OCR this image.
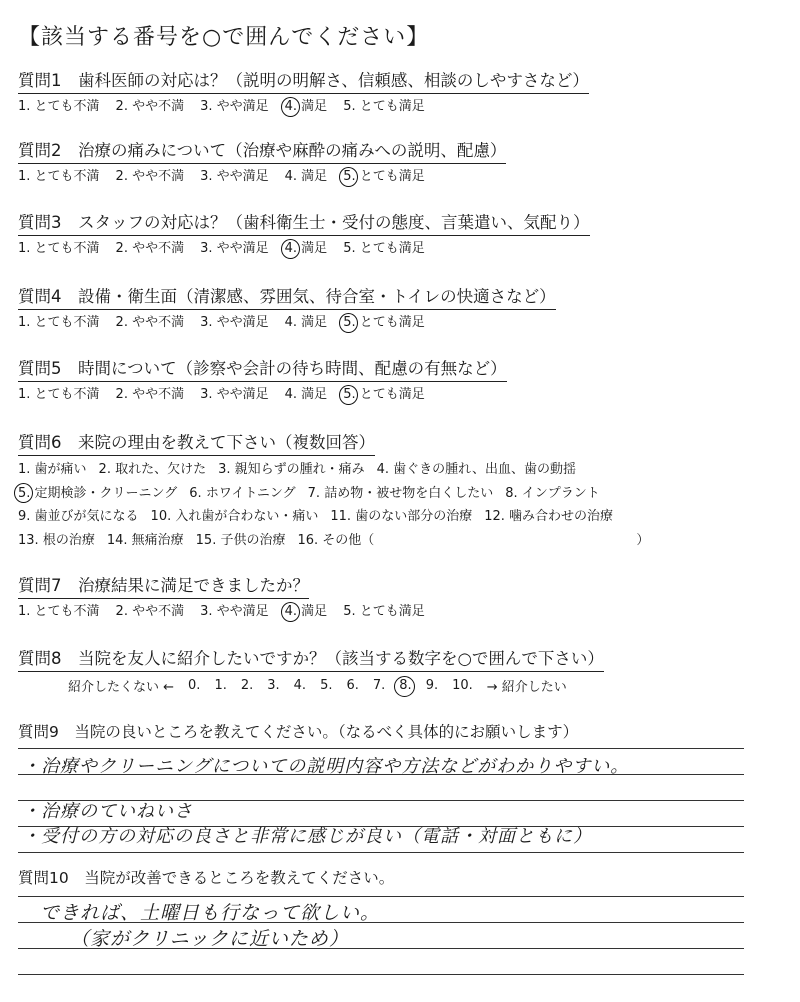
【該当する番号を○で囲んでください】
質問1　歯科医師の対応は？（説明の明解さ、信頼感、相談のしやすさなど）
1. とても不満 2. やや不満 3. やや満足 4. 満足 5. とても満足
質問2　治療の痛みについて（治療や麻酔の痛みへの説明、配慮）
1. とても不満 2. やや不満 3. やや満足 4. 満足 5. とても満足
質問3　スタッフの対応は？（歯科衛生士・受付の態度、言葉遣い、気配り）
1. とても不満 2. やや不満 3. やや満足 4. 満足 5. とても満足
質問4　設備・衛生面（清潔感、雰囲気、待合室・トイレの快適さなど）
1. とても不満 2. やや不満 3. やや満足 4. 満足 5. とても満足
質問5　時間について（診察や会計の待ち時間、配慮の有無など）
1. とても不満 2. やや不満 3. やや満足 4. 満足 5. とても満足
質問6　来院の理由を教えて下さい（複数回答）
1. 歯が痛い 2. 取れた、欠けた 3. 親知らずの腫れ・痛み 4. 歯ぐきの腫れ、出血、歯の動揺
5. 定期検診・クリーニング 6. ホワイトニング 7. 詰め物・被せ物を白くしたい 8. インプラント
9. 歯並びが気になる 10. 入れ歯が合わない・痛い 11. 歯のない部分の治療 12. 噛み合わせの治療
13. 根の治療 14. 無痛治療 15. 子供の治療 16. その他（	）
質問7　治療結果に満足できましたか？
1. とても不満 2. やや不満 3. やや満足 4. 満足 5. とても満足
質問8　当院を友人に紹介したいですか？（該当する数字を○で囲んで下さい）
紹介したくない ← 0. 1. 2. 3. 4. 5. 6. 7. 8. 9. 10. → 紹介したい
質問9　当院の良いところを教えてください。（なるべく具体的にお願いします）
・治療やクリーニングについての説明内容や方法などがわかりやすい。
・治療のていねいさ
・受付の方の対応の良さと非常に感じが良い（電話・対面ともに）
質問10　当院が改善できるところを教えてください。
できれば、土曜日も行なって欲しい。
（家がクリニックに近いため）
